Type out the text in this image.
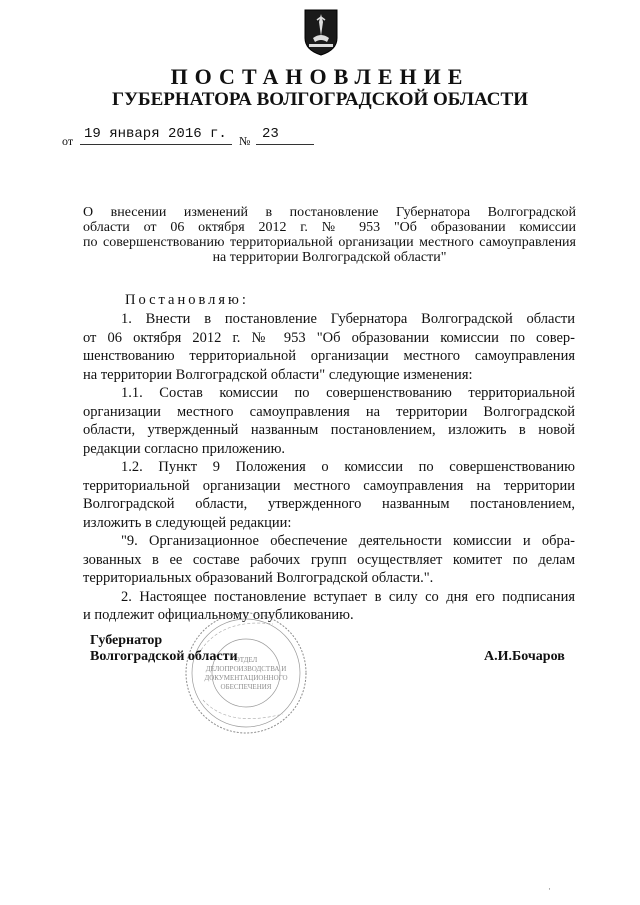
ПОСТАНОВЛЕНИЕ
ГУБЕРНАТОРА ВОЛГОГРАДСКОЙ ОБЛАСТИ
от 19 января 2016 г. № 23
О внесении изменений в постановление Губернатора Волгоградской
области от 06 октября 2012 г. № 953 "Об образовании комиссии
по совершенствованию территориальной организации местного самоуправления
на территории Волгоградской области"
Постановляю:
1. Внести в постановление Губернатора Волгоградской области
от 06 октября 2012 г. № 953 "Об образовании комиссии по совер-
шенствованию территориальной организации местного самоуправления
на территории Волгоградской области" следующие изменения:
1.1. Состав комиссии по совершенствованию территориальной
организации местного самоуправления на территории Волгоградской
области, утвержденный названным постановлением, изложить в новой
редакции согласно приложению.
1.2. Пункт 9 Положения о комиссии по совершенствованию
территориальной организации местного самоуправления на территории
Волгоградской области, утвержденного названным постановлением,
изложить в следующей редакции:
"9. Организационное обеспечение деятельности комиссии и обра-
зованных в ее составе рабочих групп осуществляет комитет по делам
территориальных образований Волгоградской области.".
2. Настоящее постановление вступает в силу со дня его подписания
и подлежит официальному опубликованию.
ОТДЕЛ
ДЕЛОПРОИЗВОДСТВА И
ДОКУМЕНТАЦИОННОГО
ОБЕСПЕЧЕНИЯ
Губернатор
Волгоградской области	А.И.Бочаров
·
